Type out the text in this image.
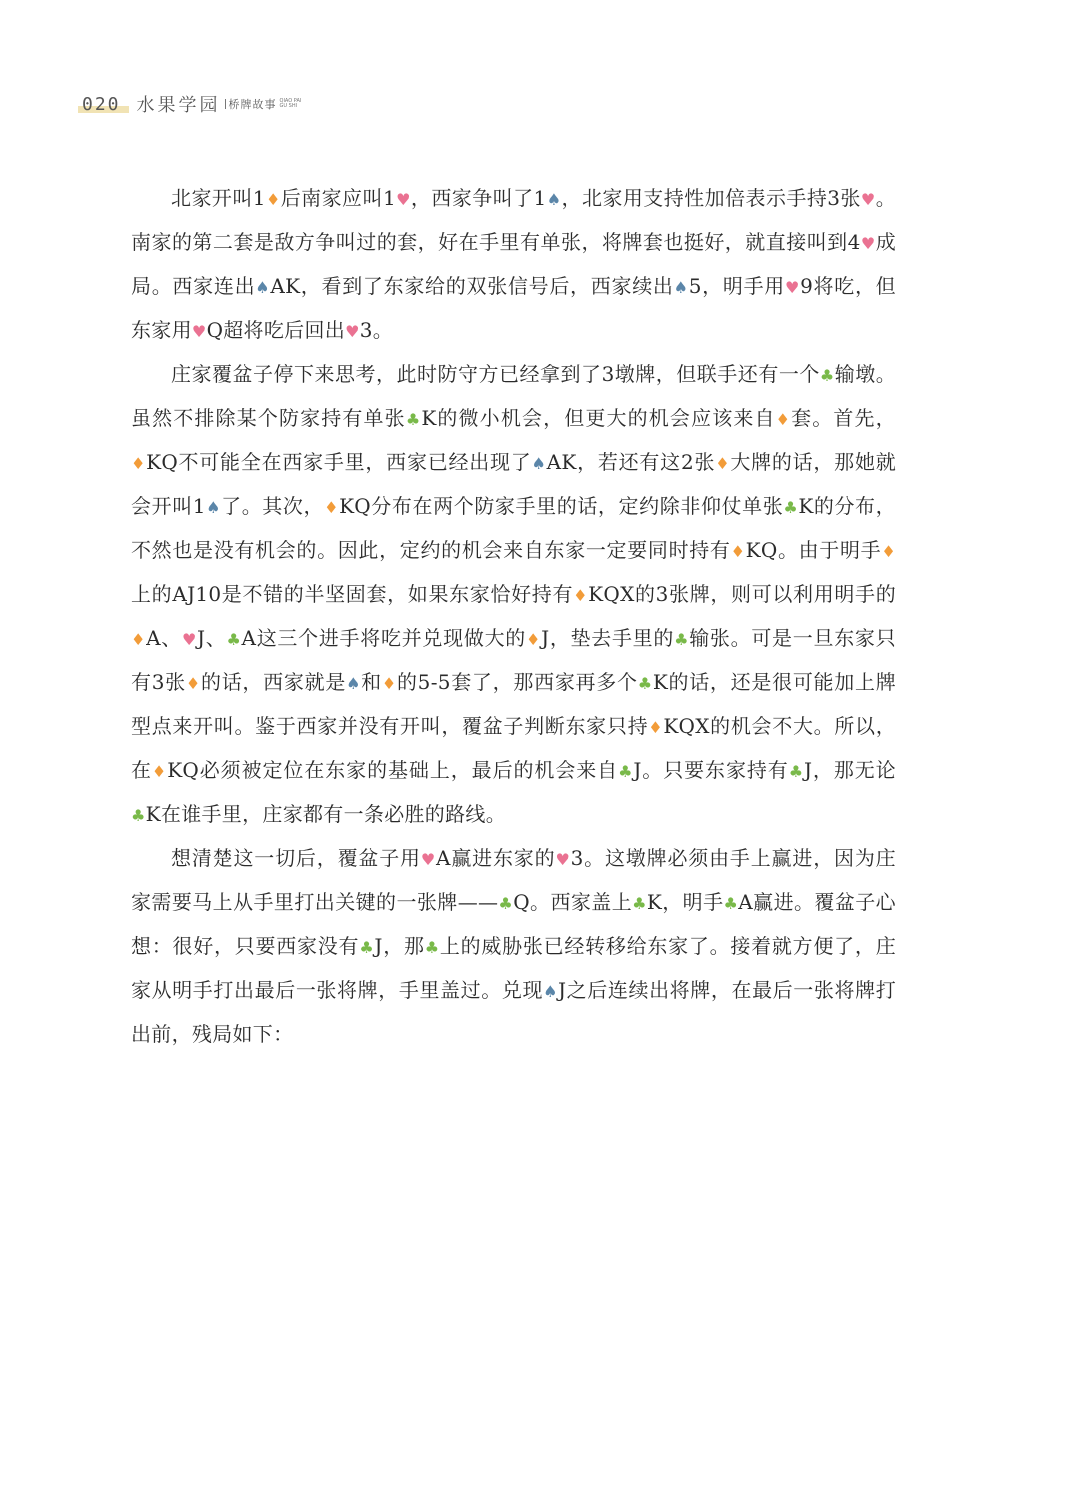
020 水果学园 桥牌故事 QIAO PAI
GU SHI

北家开叫1♦后南家应叫1♥，西家争叫了1♠，北家用支持性加倍表示手持3张♥。南家的第二套是敌方争叫过的套，好在手里有单张，将牌套也挺好，就直接叫到4♥成局。西家连出♠AK，看到了东家给的双张信号后，西家续出♠5，明手用♥9将吃，但东家用♥Q超将吃后回出♥3。

庄家覆盆子停下来思考，此时防守方已经拿到了3墩牌，但联手还有一个♣输墩。虽然不排除某个防家持有单张♣K的微小机会，但更大的机会应该来自♦套。首先，♦KQ不可能全在西家手里，西家已经出现了♠AK，若还有这2张♦大牌的话，那她就会开叫1♠了。其次，♦KQ分布在两个防家手里的话，定约除非仰仗单张♣K的分布，不然也是没有机会的。因此，定约的机会来自东家一定要同时持有♦KQ。由于明手♦上的AJ10是不错的半坚固套，如果东家恰好持有♦KQX的3张牌，则可以利用明手的♦A、♥J、♣A这三个进手将吃并兑现做大的♦J，垫去手里的♣输张。可是一旦东家只有3张♦的话，西家就是♠和♦的5-5套了，那西家再多个♣K的话，还是很可能加上牌型点来开叫。鉴于西家并没有开叫，覆盆子判断东家只持♦KQX的机会不大。所以，在♦KQ必须被定位在东家的基础上，最后的机会来自♣J。只要东家持有♣J，那无论♣K在谁手里，庄家都有一条必胜的路线。

想清楚这一切后，覆盆子用♥A赢进东家的♥3。这墩牌必须由手上赢进，因为庄家需要马上从手里打出关键的一张牌——♣Q。西家盖上♣K，明手♣A赢进。覆盆子心想：很好，只要西家没有♣J，那♣上的威胁张已经转移给东家了。接着就方便了，庄家从明手打出最后一张将牌，手里盖过。兑现♠J之后连续出将牌，在最后一张将牌打出前，残局如下：
